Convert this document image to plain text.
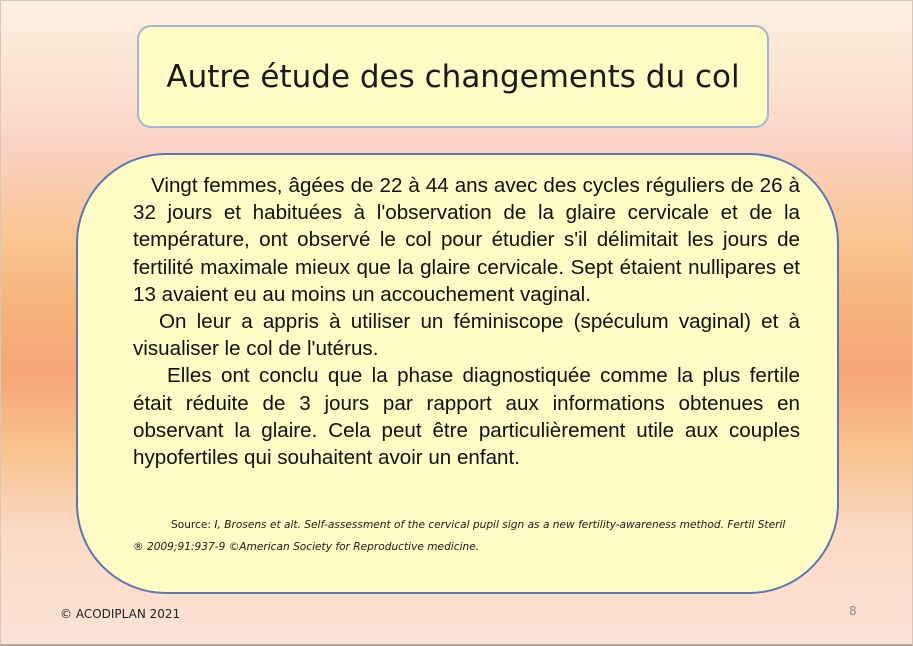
Autre étude des changements du col

Vingt femmes, âgées de 22 à 44 ans avec des cycles réguliers de 26 à 32 jours et habituées à l'observation de la glaire cervicale et de la température, ont observé le col pour étudier s'il délimitait les jours de fertilité maximale mieux que la glaire cervicale. Sept étaient nullipares et 13 avaient eu au moins un accouchement vaginal.

On leur a appris à utiliser un féminiscope (spéculum vaginal) et à visualiser le col de l'utérus.

Elles ont conclu que la phase diagnostiquée comme la plus fertile était réduite de 3 jours par rapport aux informations obtenues en observant la glaire. Cela peut être particulièrement utile aux couples hypofertiles qui souhaitent avoir un enfant.

Source: I, Brosens et alt. Self-assessment of the cervical pupil sign as a new fertility-awareness method. Fertil Steril ® 2009;91:937-9 ©American Society for Reproductive medicine.
© ACODIPLAN 2021	8
